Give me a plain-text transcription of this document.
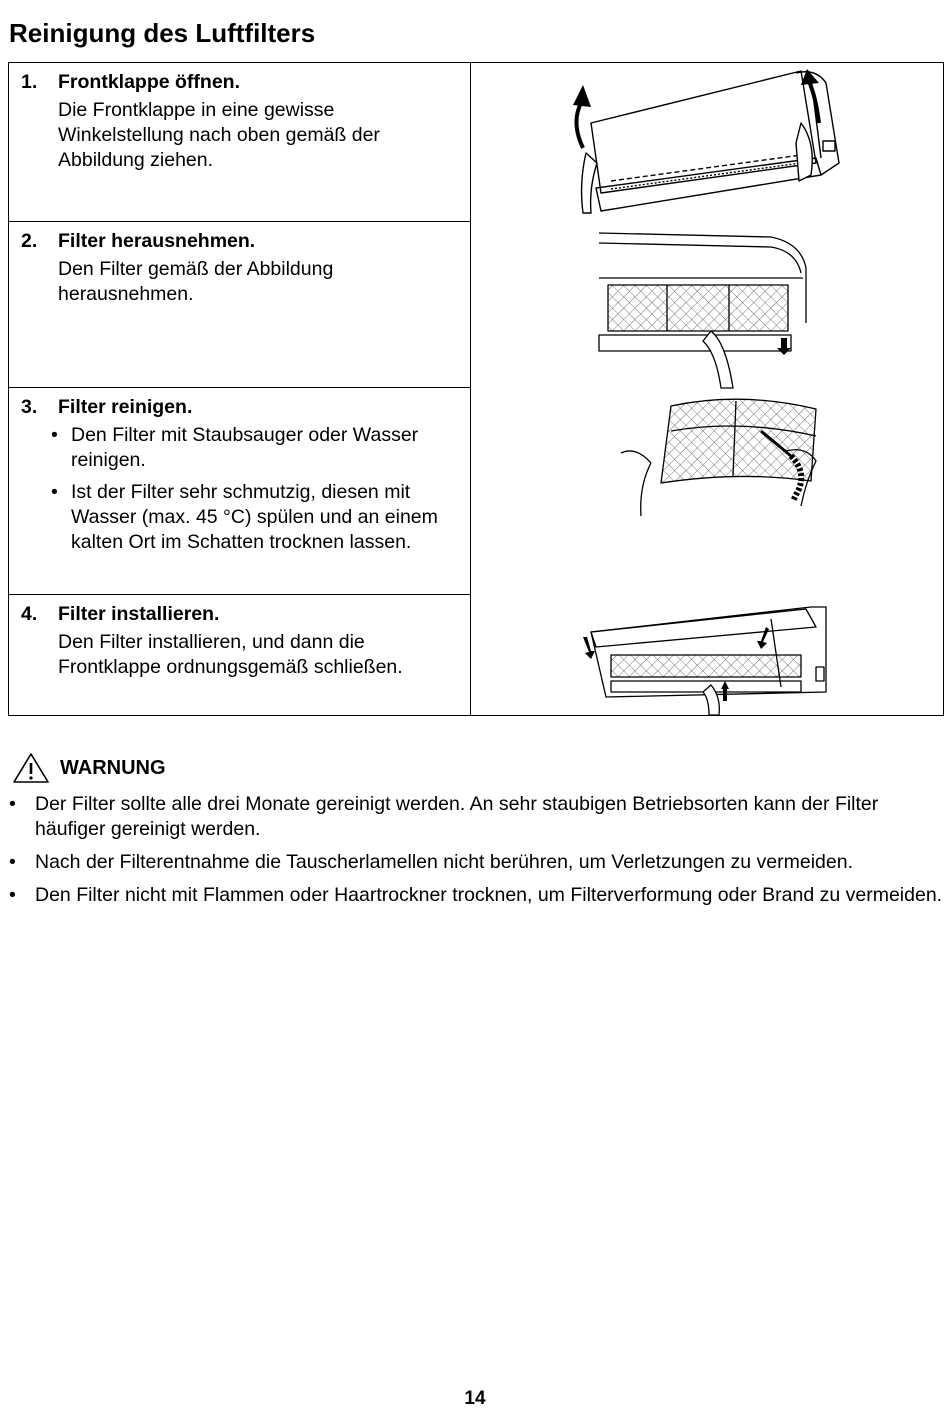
Reinigung des Luftfilters
1.	Frontklappe öffnen.
Die Frontklappe in eine gewisse Winkelstellung nach oben gemäß der Abbildung ziehen.

2.	Filter herausnehmen.
Den Filter gemäß der Abbildung herausnehmen.

3.	Filter reinigen.
• Den Filter mit Staubsauger oder Wasser reinigen.
• Ist der Filter sehr schmutzig, diesen mit Wasser (max. 45 °C) spülen und an einem kalten Ort im Schatten trocknen lassen.

4.	Filter installieren.
Den Filter installieren, und dann die Frontklappe ordnungsgemäß schließen.
WARNUNG
• Der Filter sollte alle drei Monate gereinigt werden. An sehr staubigen Betriebsorten kann der Filter häufiger gereinigt werden.
• Nach der Filterentnahme die Tauscherlamellen nicht berühren, um Verletzungen zu vermeiden.
• Den Filter nicht mit Flammen oder Haartrockner trocknen, um Filterverformung oder Brand zu vermeiden.
14
